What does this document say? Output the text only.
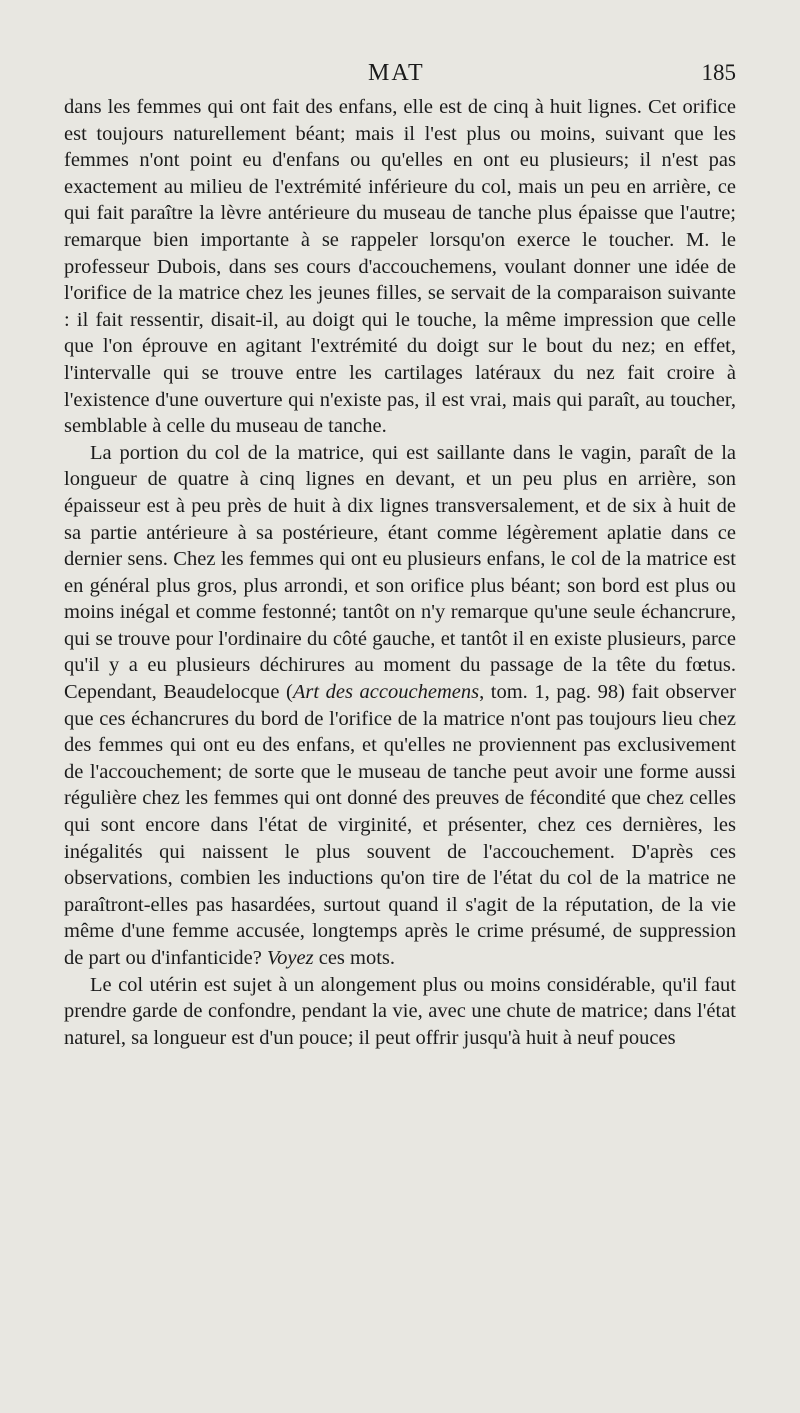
MAT	185

dans les femmes qui ont fait des enfans, elle est de cinq à huit lignes. Cet orifice est toujours naturellement béant; mais il l'est plus ou moins, suivant que les femmes n'ont point eu d'enfans ou qu'elles en ont eu plusieurs; il n'est pas exactement au milieu de l'extrémité inférieure du col, mais un peu en arrière, ce qui fait paraître la lèvre antérieure du museau de tanche plus épaisse que l'autre; remarque bien importante à se rappeler lorsqu'on exerce le toucher. M. le professeur Dubois, dans ses cours d'accouchemens, voulant donner une idée de l'orifice de la matrice chez les jeunes filles, se servait de la comparaison suivante : il fait ressentir, disait-il, au doigt qui le touche, la même impression que celle que l'on éprouve en agitant l'extrémité du doigt sur le bout du nez; en effet, l'intervalle qui se trouve entre les cartilages latéraux du nez fait croire à l'existence d'une ouverture qui n'existe pas, il est vrai, mais qui paraît, au toucher, semblable à celle du museau de tanche.

La portion du col de la matrice, qui est saillante dans le vagin, paraît de la longueur de quatre à cinq lignes en devant, et un peu plus en arrière, son épaisseur est à peu près de huit à dix lignes transversalement, et de six à huit de sa partie antérieure à sa postérieure, étant comme légèrement aplatie dans ce dernier sens. Chez les femmes qui ont eu plusieurs enfans, le col de la matrice est en général plus gros, plus arrondi, et son orifice plus béant; son bord est plus ou moins inégal et comme festonné; tantôt on n'y remarque qu'une seule échancrure, qui se trouve pour l'ordinaire du côté gauche, et tantôt il en existe plusieurs, parce qu'il y a eu plusieurs déchirures au moment du passage de la tête du fœtus. Cependant, Beaudelocque (Art des accouchemens, tom. 1, pag. 98) fait observer que ces échancrures du bord de l'orifice de la matrice n'ont pas toujours lieu chez des femmes qui ont eu des enfans, et qu'elles ne proviennent pas exclusivement de l'accouchement; de sorte que le museau de tanche peut avoir une forme aussi régulière chez les femmes qui ont donné des preuves de fécondité que chez celles qui sont encore dans l'état de virginité, et présenter, chez ces dernières, les inégalités qui naissent le plus souvent de l'accouchement. D'après ces observations, combien les inductions qu'on tire de l'état du col de la matrice ne paraîtront-elles pas hasardées, surtout quand il s'agit de la réputation, de la vie même d'une femme accusée, longtemps après le crime présumé, de suppression de part ou d'infanticide? Voyez ces mots.

Le col utérin est sujet à un alongement plus ou moins considérable, qu'il faut prendre garde de confondre, pendant la vie, avec une chute de matrice; dans l'état naturel, sa longueur est d'un pouce; il peut offrir jusqu'à huit à neuf pouces
